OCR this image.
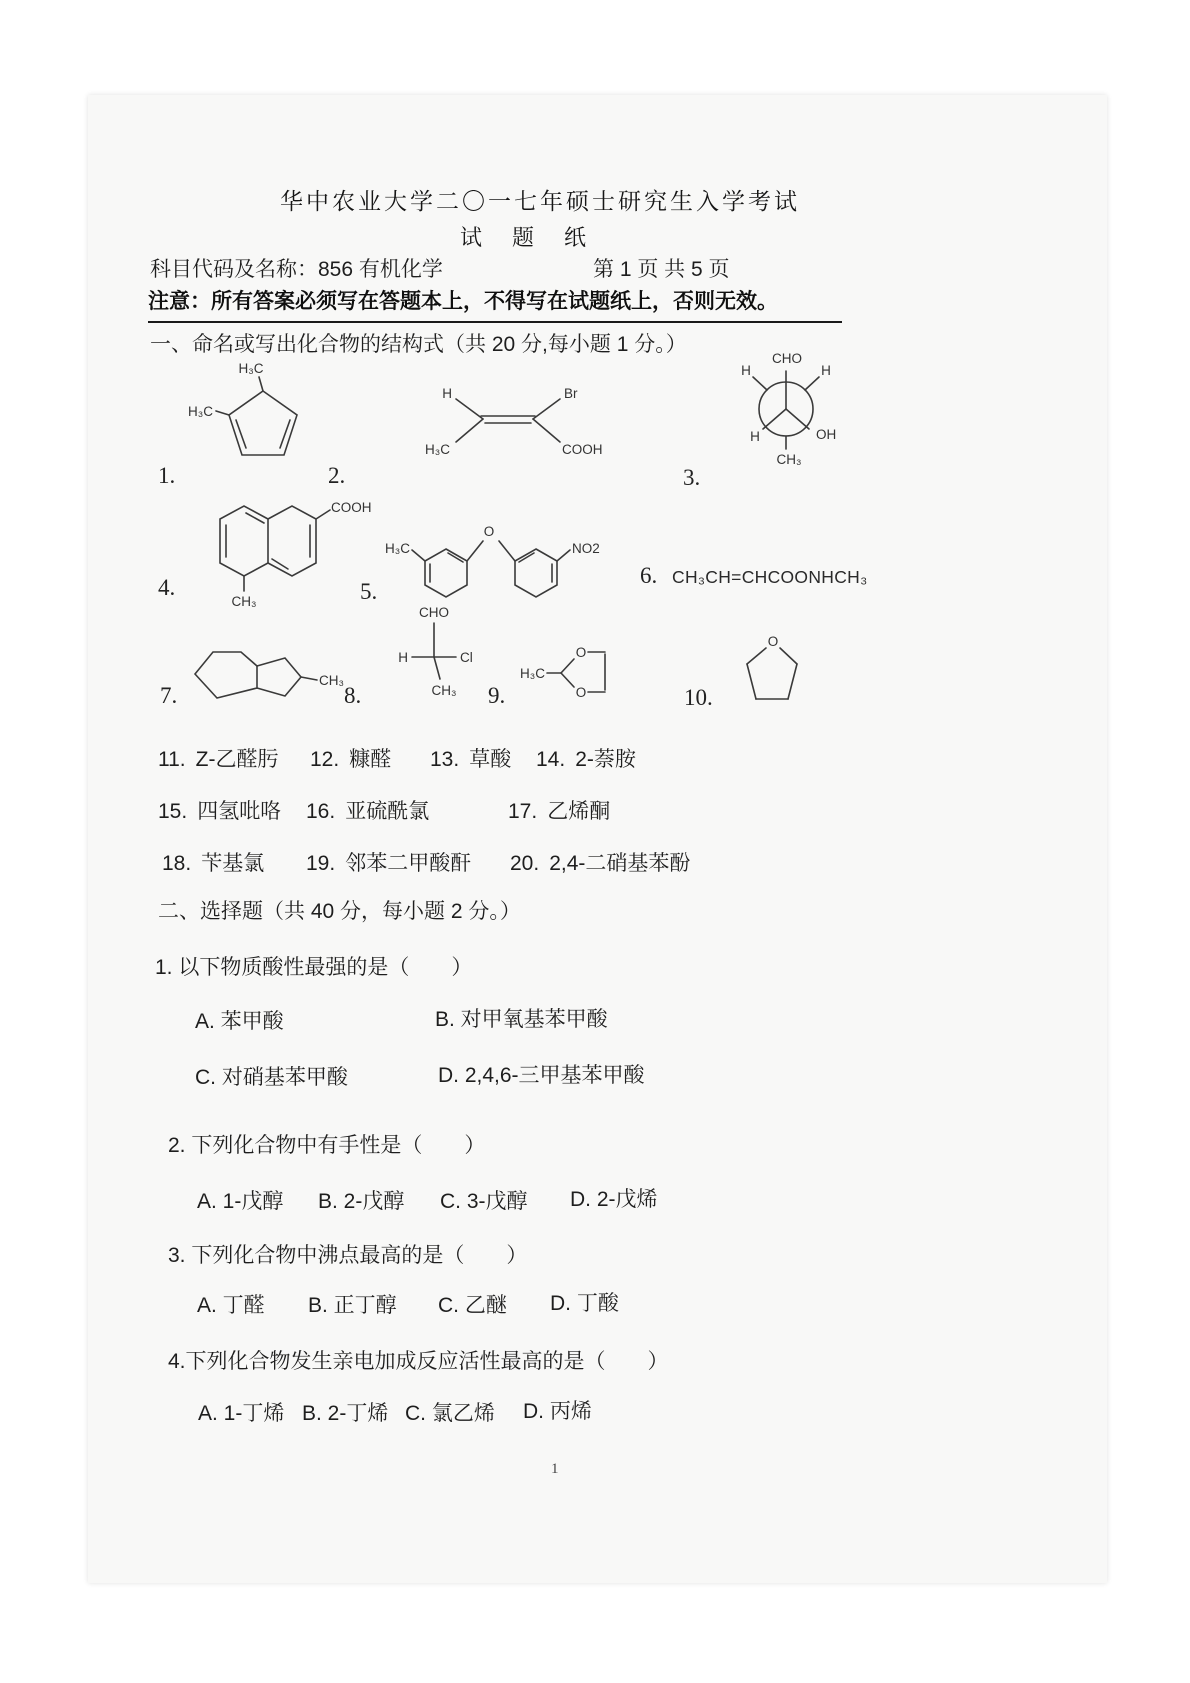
华中农业大学二〇一七年硕士研究生入学考试
试题纸
科目代码及名称：856 有机化学	第 1 页 共 5 页
注意：所有答案必须写在答题本上，不得写在试题纸上，否则无效。
一、命名或写出化合物的结构式（共 20 分,每小题 1 分。）
1.
H₃C
H₃C
2.
H	Br
H₃C	COOH
3.
CHO
H	H
H	OH
CH₃
4.
COOH
CH₃	5.
O
H₃C	NO2
6. CH₃CH=CHCOONHCH₃
7.
CH₃
8.
CHO
H	Cl
CH₃ 9.
H₃C
O
O	10.
O
11. Z-乙醛肟 12. 糠醛 13. 草酸 14. 2-萘胺
15. 四氢吡咯 16. 亚硫酰氯	17. 乙烯酮
18. 苄基氯 19. 邻苯二甲酸酐 20. 2,4-二硝基苯酚
二、选择题（共 40 分，每小题 2 分。）
1. 以下物质酸性最强的是（　　）
A. 苯甲酸	B. 对甲氧基苯甲酸
C. 对硝基苯甲酸	D. 2,4,6-三甲基苯甲酸
2. 下列化合物中有手性是（　　）
A. 1-戊醇 B. 2-戊醇 C. 3-戊醇 D. 2-戊烯
3. 下列化合物中沸点最高的是（　　）
A. 丁醛 B. 正丁醇 C. 乙醚 D. 丁酸
4.下列化合物发生亲电加成反应活性最高的是（　　）
A. 1-丁烯 B. 2-丁烯 C. 氯乙烯 D. 丙烯
1
